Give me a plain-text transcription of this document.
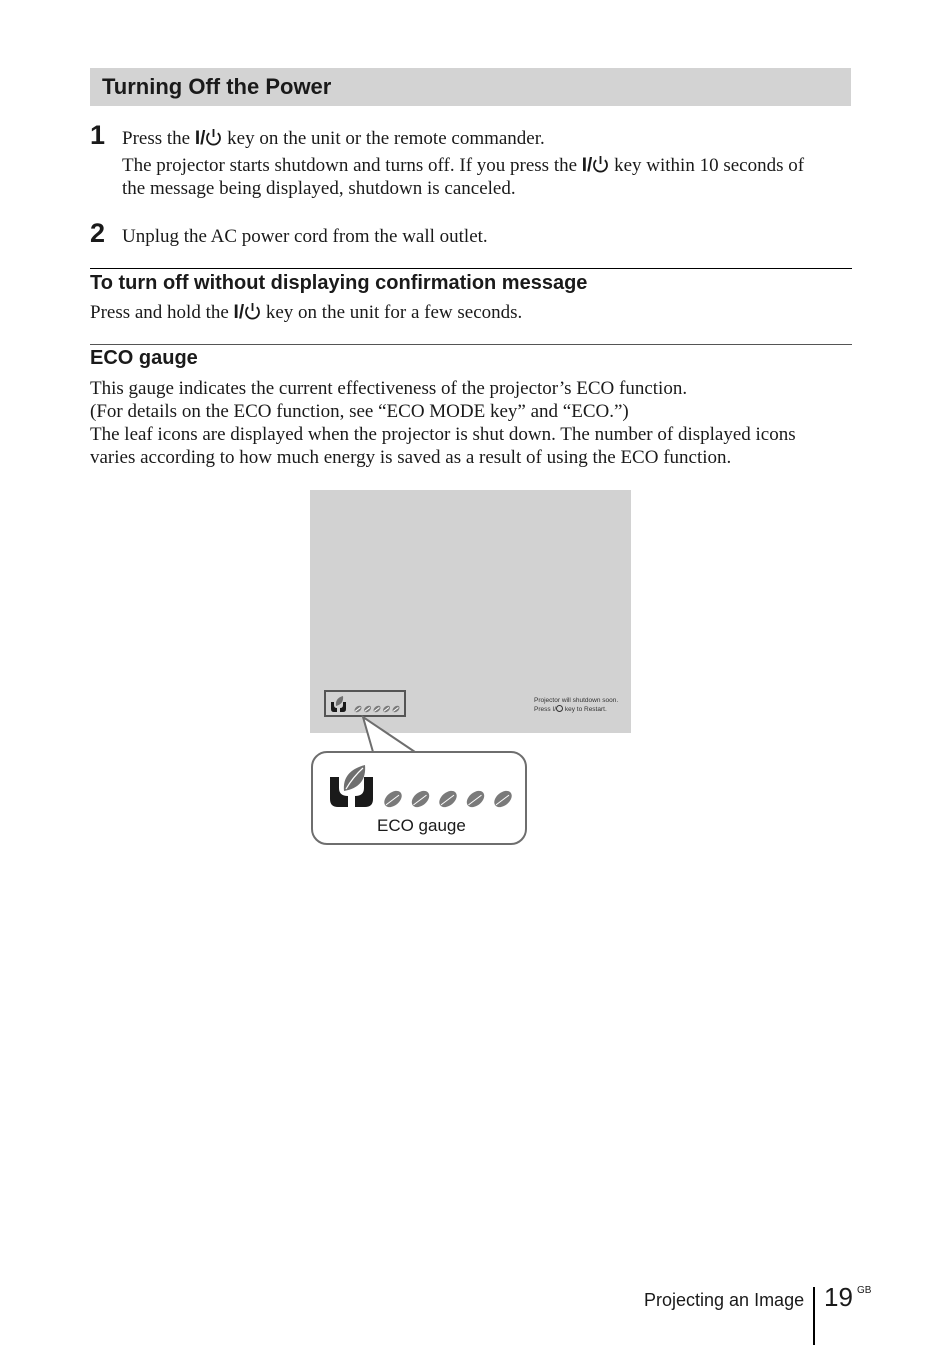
Turning Off the Power
1 Press the I/ key on the unit or the remote commander.
The projector starts shutdown and turns off. If you press the I/ key within 10 seconds of
the message being displayed, shutdown is canceled.
2 Unplug the AC power cord from the wall outlet.
To turn off without displaying confirmation message
Press and hold the I/ key on the unit for a few seconds.
ECO gauge
This gauge indicates the current effectiveness of the projector’s ECO function.
(For details on the ECO function, see “ECO MODE key” and “ECO.”)
The leaf icons are displayed when the projector is shut down. The number of displayed icons
varies according to how much energy is saved as a result of using the ECO function.
Projector will shutdown soon.
Press I/ key to Restart.
ECO gauge
Projecting an Image 19 GB
